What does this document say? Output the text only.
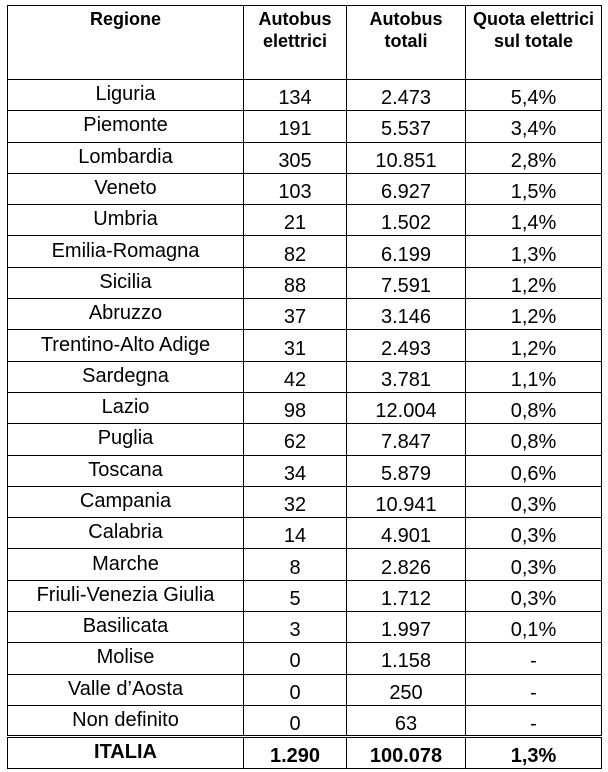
Regione	Autobus elettrici	Autobus totali	Quota elettrici sul totale
Liguria	134	2.473	5,4%
Piemonte	191	5.537	3,4%
Lombardia	305	10.851	2,8%
Veneto	103	6.927	1,5%
Umbria	21	1.502	1,4%
Emilia-Romagna	82	6.199	1,3%
Sicilia	88	7.591	1,2%
Abruzzo	37	3.146	1,2%
Trentino-Alto Adige	31	2.493	1,2%
Sardegna	42	3.781	1,1%
Lazio	98	12.004	0,8%
Puglia	62	7.847	0,8%
Toscana	34	5.879	0,6%
Campania	32	10.941	0,3%
Calabria	14	4.901	0,3%
Marche	8	2.826	0,3%
Friuli-Venezia Giulia	5	1.712	0,3%
Basilicata	3	1.997	0,1%
Molise	0	1.158	-
Valle d’Aosta	0	250	-
Non definito	0	63	-
ITALIA	1.290	100.078	1,3%
